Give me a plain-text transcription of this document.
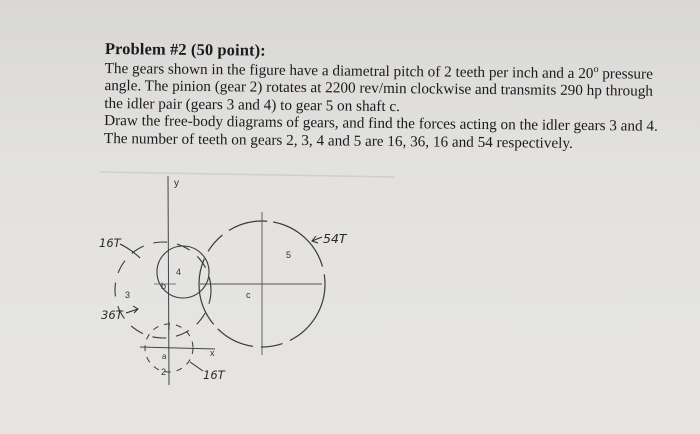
Problem #2 (50 point):
The gears shown in the figure have a diametral pitch of 2 teeth per inch and a 20$^o$ pressure
angle. The pinion (gear 2) rotates at 2200 rev/min clockwise and transmits 290 hp through
the idler pair (gears 3 and 4) to gear 5 on shaft c.
Draw the free-body diagrams of gears, and find the forces acting on the idler gears 3 and 4.
The number of teeth on gears 2, 3, 4 and 5 are 16, 36, 16 and 54 respectively.
y
x
5
c
3
4
b
a
2
16T
36T
16T
54T
